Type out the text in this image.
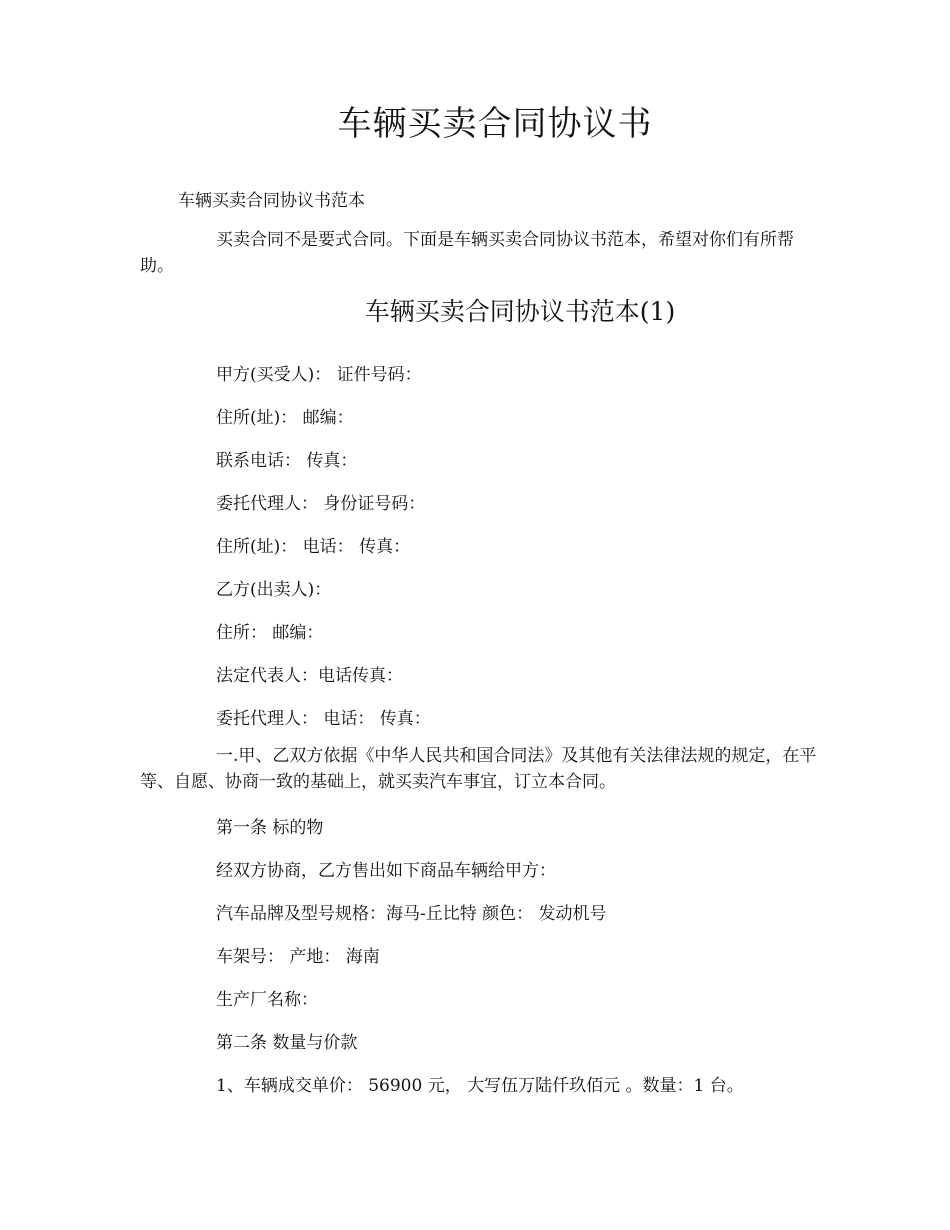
车辆买卖合同协议书

车辆买卖合同协议书范本

买卖合同不是要式合同。下面是车辆买卖合同协议书范本，希望对你们有所帮助。

车辆买卖合同协议书范本(1)

甲方(买受人)： 证件号码：

住所(址)： 邮编：

联系电话： 传真：

委托代理人： 身份证号码：

住所(址)： 电话： 传真：

乙方(出卖人)：

住所： 邮编：

法定代表人：电话传真：

委托代理人： 电话： 传真：

一.甲、乙双方依据《中华人民共和国合同法》及其他有关法律法规的规定，在平等、自愿、协商一致的基础上，就买卖汽车事宜，订立本合同。

第一条 标的物

经双方协商，乙方售出如下商品车辆给甲方：

汽车品牌及型号规格：海马-丘比特 颜色： 发动机号

车架号： 产地： 海南

生产厂名称：

第二条 数量与价款

1、车辆成交单价： 56900 元， 大写伍万陆仟玖佰元 。数量：1 台。
